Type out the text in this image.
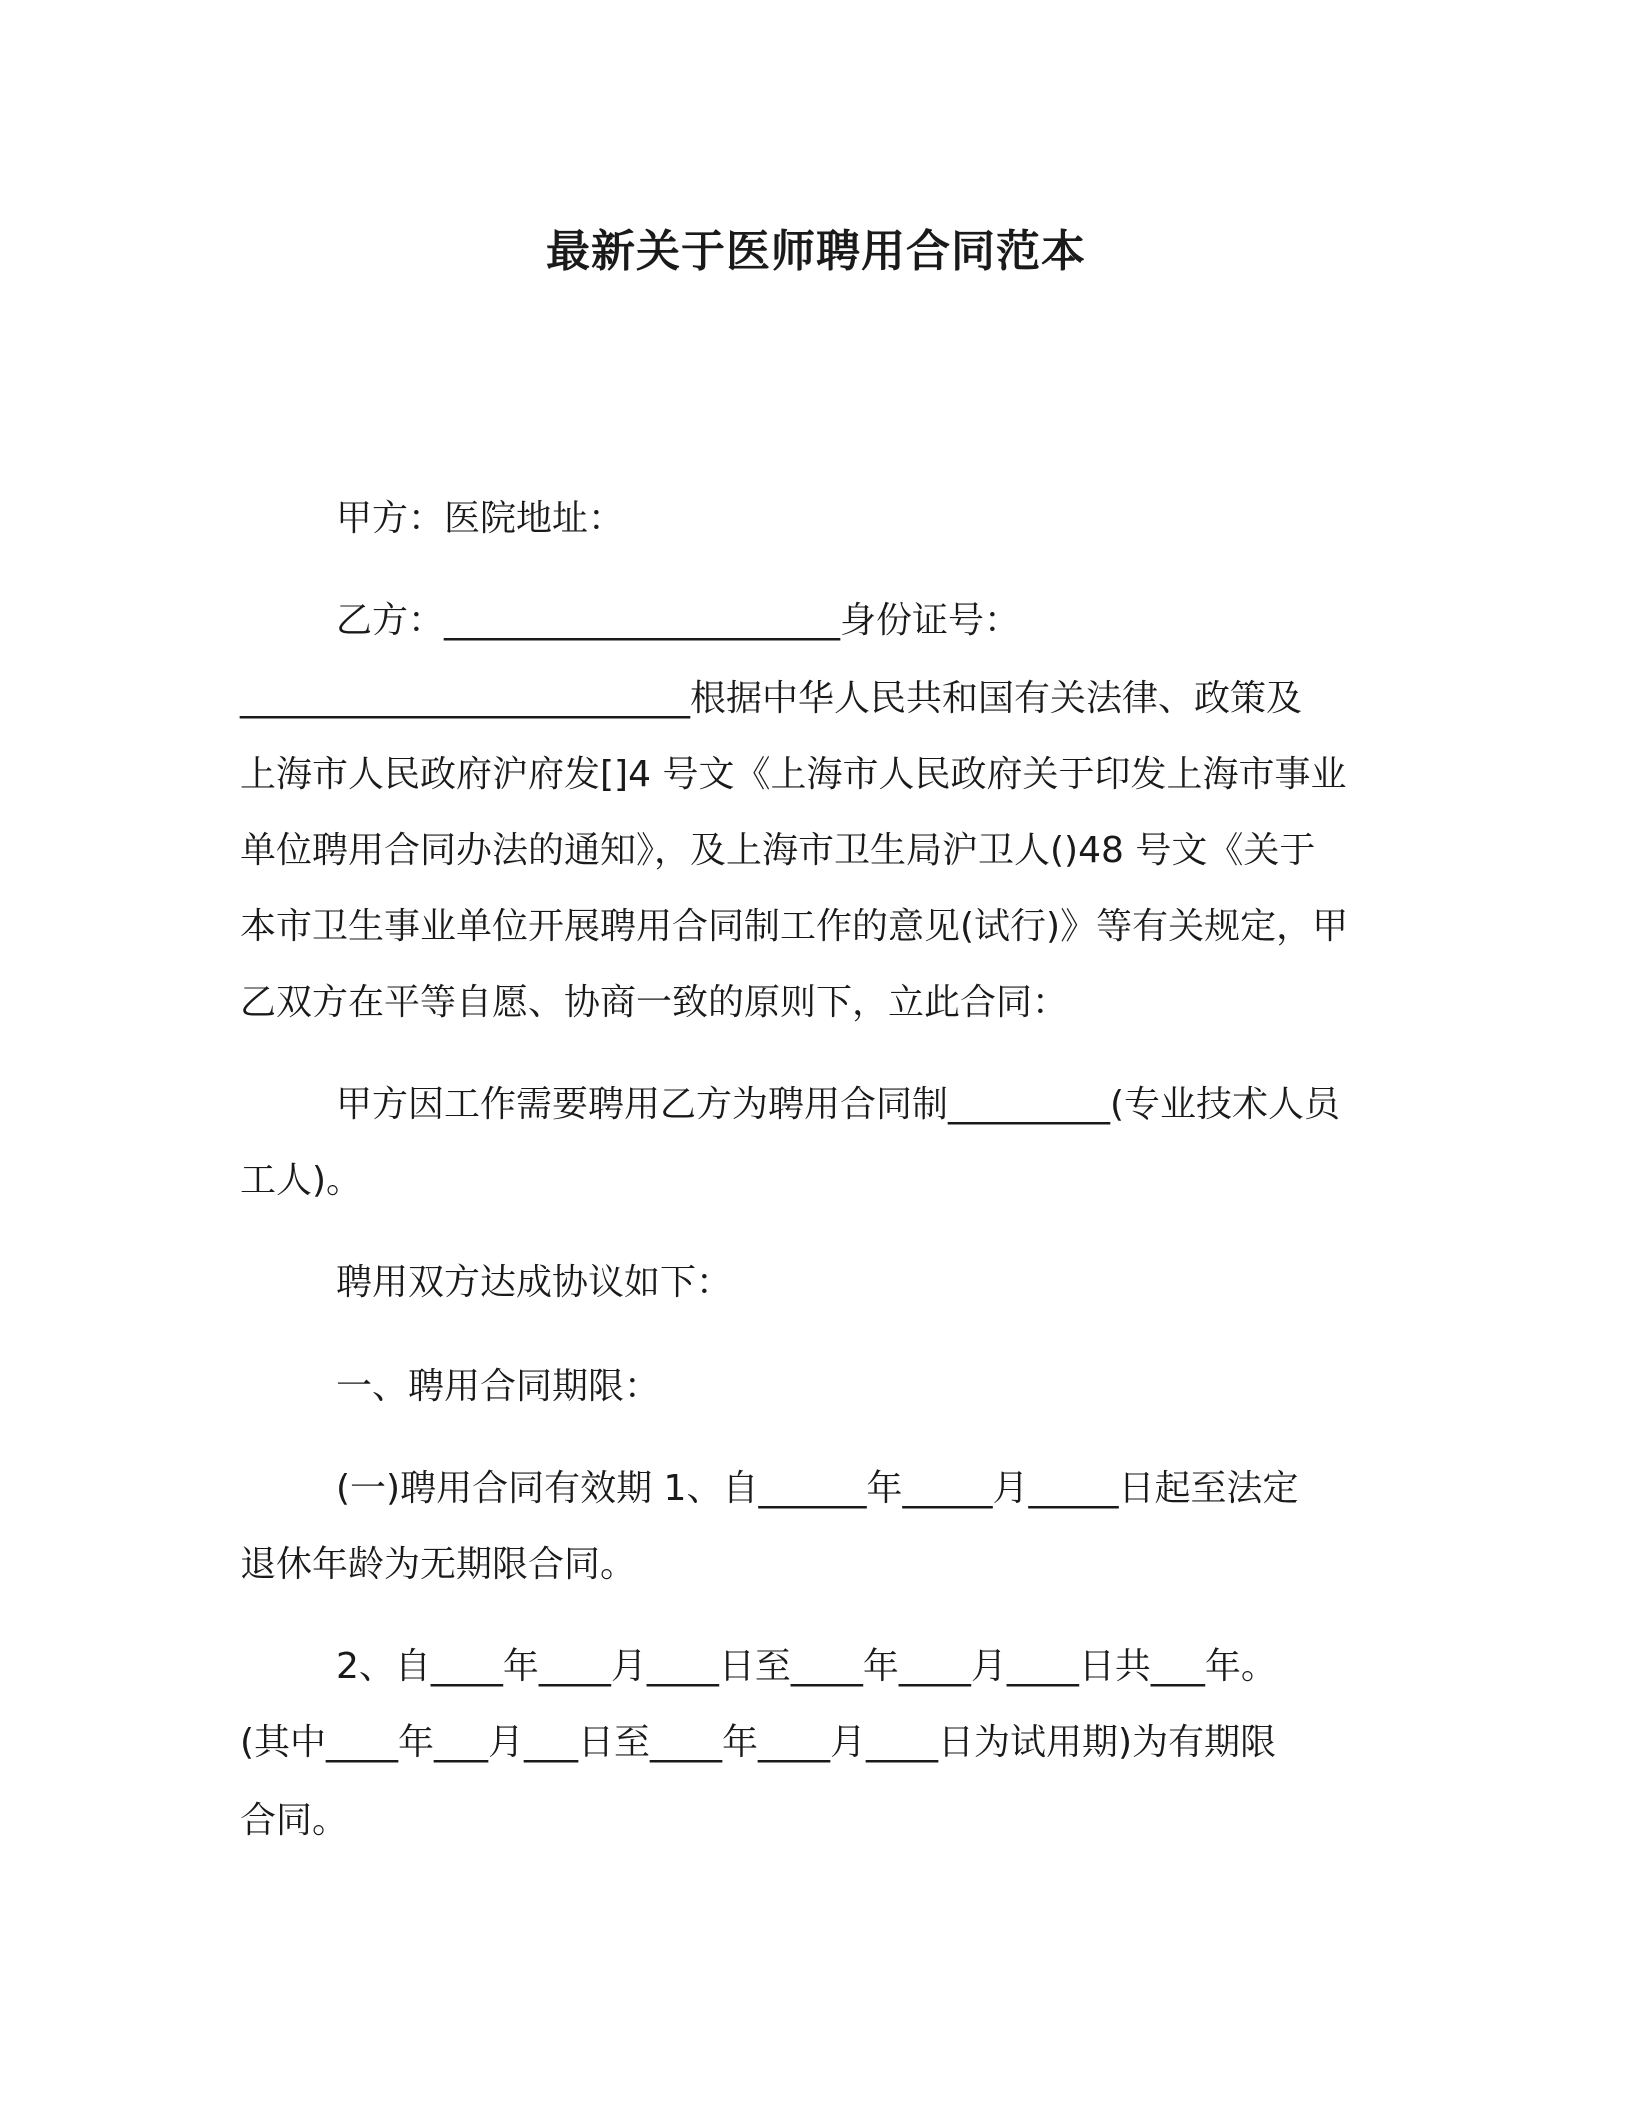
最新关于医师聘用合同范本

甲方：医院地址：

乙方：______________________身份证号：

_________________________根据中华人民共和国有关法律、政策及

上海市人民政府沪府发[]4 号文《上海市人民政府关于印发上海市事业

单位聘用合同办法的通知》，及上海市卫生局沪卫人()48 号文《关于

本市卫生事业单位开展聘用合同制工作的意见(试行)》等有关规定，甲

乙双方在平等自愿、协商一致的原则下，立此合同：

甲方因工作需要聘用乙方为聘用合同制_________(专业技术人员

工人)。

聘用双方达成协议如下：

一、聘用合同期限：

(一)聘用合同有效期 1、自______年_____月_____日起至法定

退休年龄为无期限合同。

2、自____年____月____日至____年____月____日共___年。

(其中____年___月___日至____年____月____日为试用期)为有期限

合同。
